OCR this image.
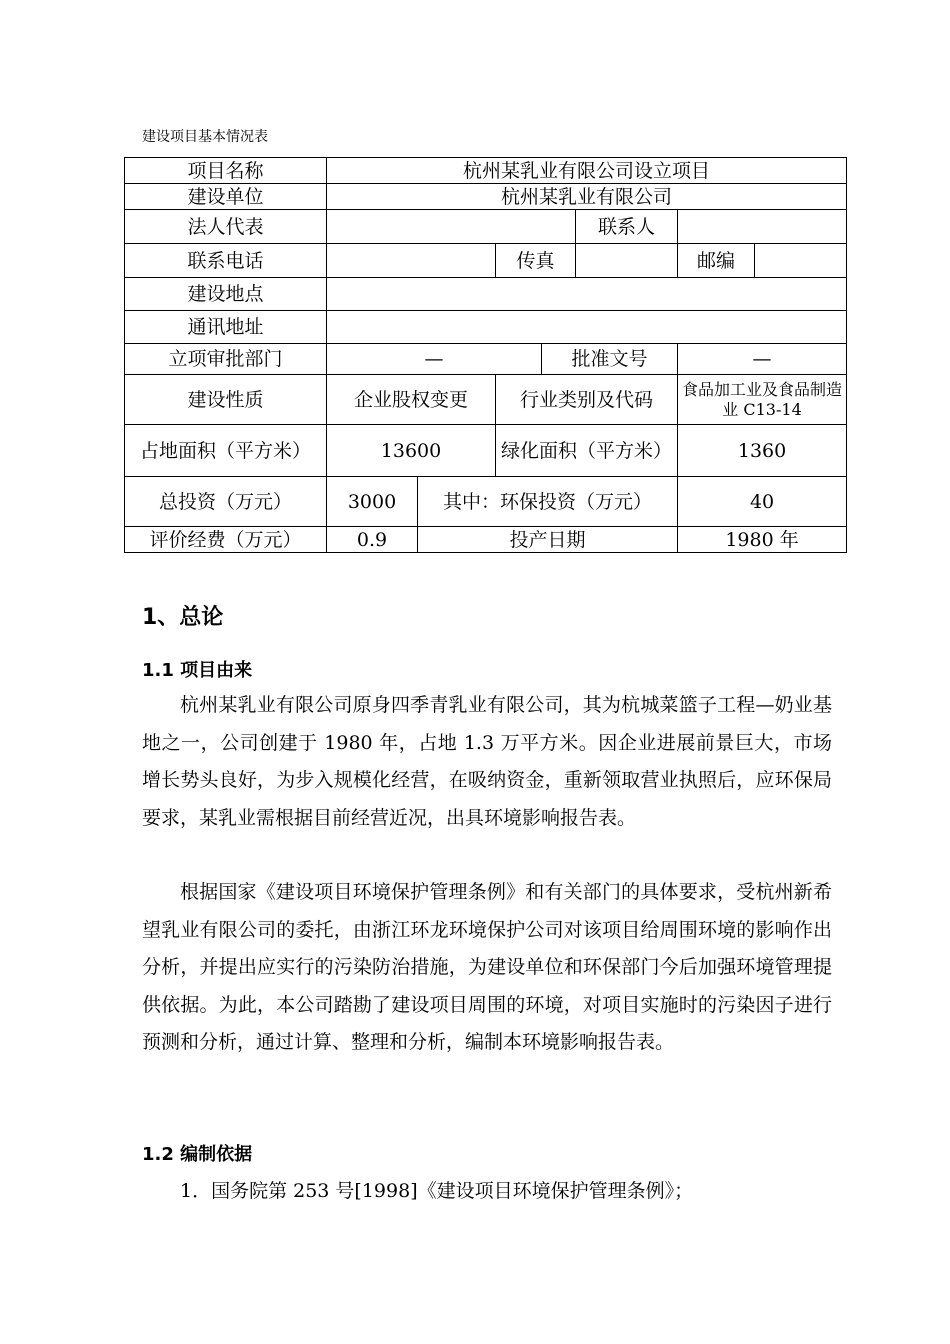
建设项目基本情况表
项目名称	杭州某乳业有限公司设立项目						
建设单位	杭州某乳业有限公司						
法人代表					联系人		
联系电话			传真			邮编	
建设地点							
通讯地址							
立项审批部门	—			批准文号		—	
建设性质	企业股权变更		行业类别及代码			食品加工业及食品制造业 C13-14	
占地面积（平方米）	13600		绿化面积（平方米）			1360	
总投资（万元）	3000	其中：环保投资（万元）				40	
评价经费（万元）	0.9	投产日期				1980 年	
1、总论
1.1 项目由来

杭州某乳业有限公司原身四季青乳业有限公司，其为杭城菜篮子工程—奶业基地之一，公司创建于 1980 年，占地 1.3 万平方米。因企业进展前景巨大，市场增长势头良好，为步入规模化经营，在吸纳资金，重新领取营业执照后，应环保局要求，某乳业需根据目前经营近况，出具环境影响报告表。

根据国家《建设项目环境保护管理条例》和有关部门的具体要求，受杭州新希望乳业有限公司的委托，由浙江环龙环境保护公司对该项目给周围环境的影响作出分析，并提出应实行的污染防治措施，为建设单位和环保部门今后加强环境管理提供依据。为此，本公司踏勘了建设项目周围的环境，对项目实施时的污染因子进行预测和分析，通过计算、整理和分析，编制本环境影响报告表。

1.2 编制依据
1．国务院第 253 号[1998]《建设项目环境保护管理条例》；
